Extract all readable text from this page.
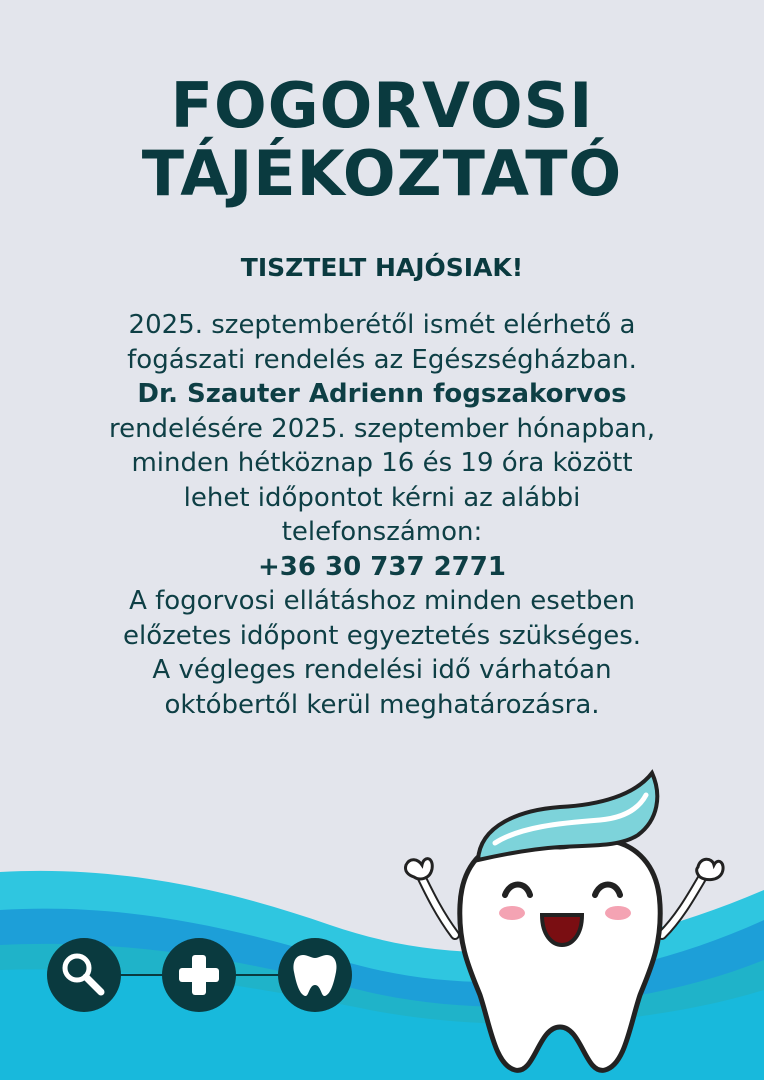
FOGORVOSI
TÁJÉKOZTATÓ
TISZTELT HAJÓSIAK!
2025. szeptemberétől ismét elérhető a
fogászati rendelés az Egészségházban.
Dr. Szauter Adrienn fogszakorvos
rendelésére 2025. szeptember hónapban,
minden hétköznap 16 és 19 óra között
lehet időpontot kérni az alábbi
telefonszámon:
+36 30 737 2771
A fogorvosi ellátáshoz minden esetben
előzetes időpont egyeztetés szükséges.
A végleges rendelési idő várhatóan
októbertől kerül meghatározásra.
